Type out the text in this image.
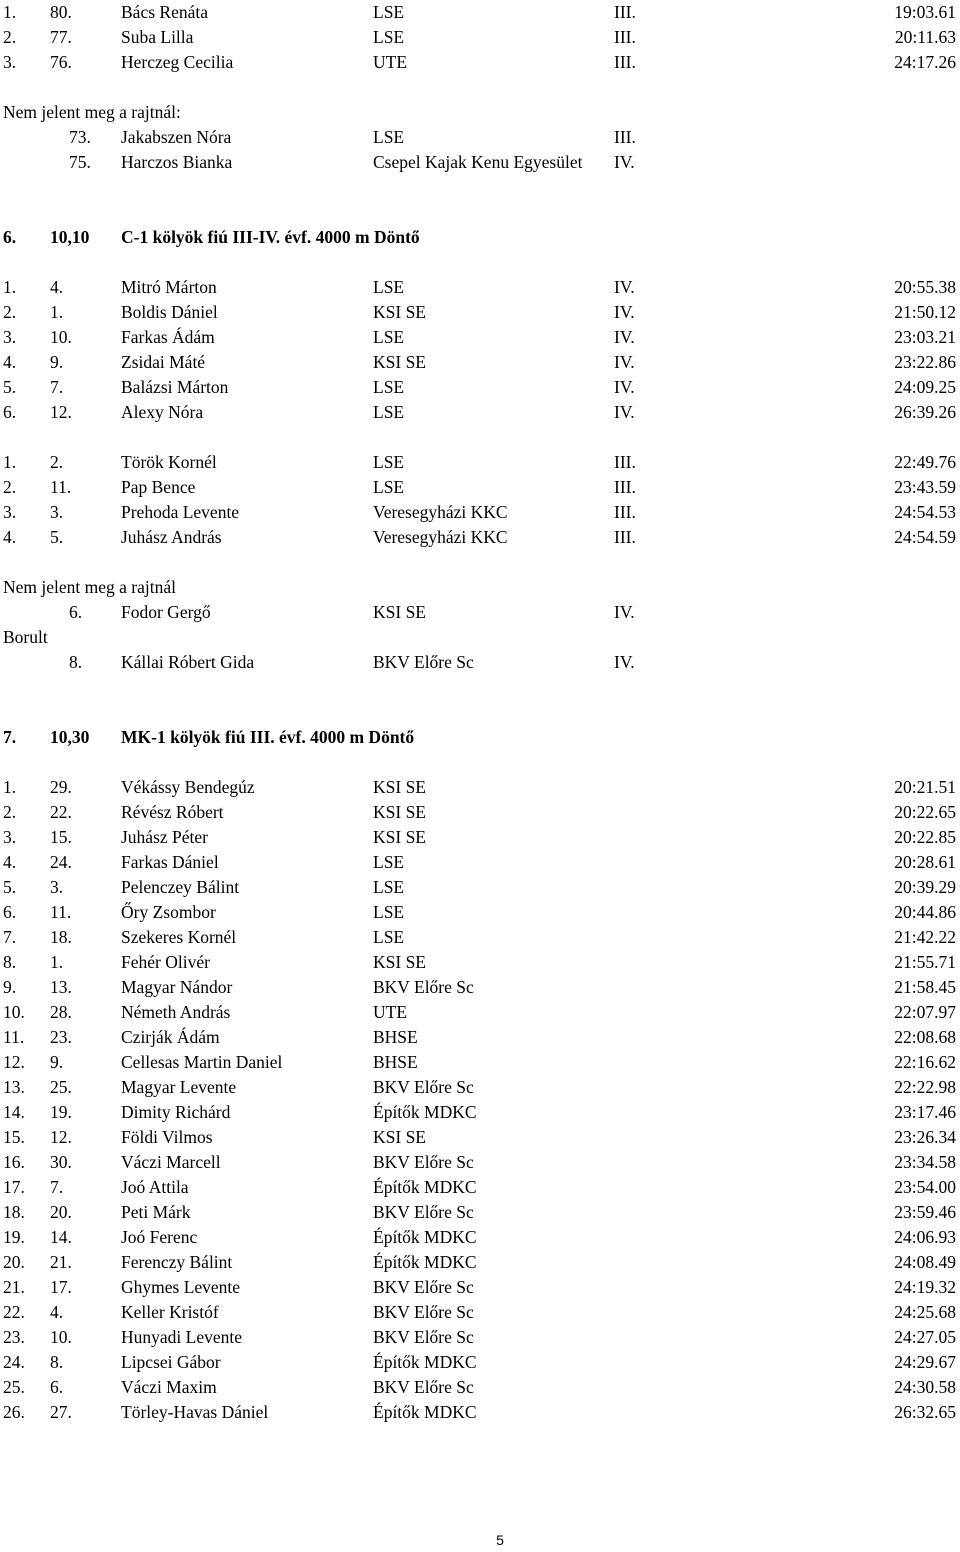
1. 80.	Bács Renáta	LSE	III.	19:03.61
2. 77.	Suba Lilla	LSE	III.	20:11.63
3. 76.	Herczeg Cecilia	UTE	III.	24:17.26
Nem jelent meg a rajtnál:
73. Jakabszen Nóra	LSE	III.
75. Harczos Bianka	Csepel Kajak Kenu Egyesület IV.
6. 10,10 C-1 kölyök fiú III-IV. évf. 4000 m Döntő
1. 4.	Mitró Márton	LSE	IV.	20:55.38
2. 1.	Boldis Dániel	KSI SE	IV.	21:50.12
3. 10.	Farkas Ádám	LSE	IV.	23:03.21
4. 9.	Zsidai Máté	KSI SE	IV.	23:22.86
5. 7.	Balázsi Márton	LSE	IV.	24:09.25
6. 12.	Alexy Nóra	LSE	IV.	26:39.26
1. 2.	Török Kornél	LSE	III.	22:49.76
2. 11.	Pap Bence	LSE	III.	23:43.59
3. 3.	Prehoda Levente	Veresegyházi KKC	III.	24:54.53
4. 5.	Juhász András	Veresegyházi KKC	III.	24:54.59
Nem jelent meg a rajtnál
6. Fodor Gergő	KSI SE	IV.
Borult
8. Kállai Róbert Gida	BKV Előre Sc	IV.
7. 10,30 MK-1 kölyök fiú III. évf. 4000 m Döntő
1. 29.	Vékássy Bendegúz	KSI SE	20:21.51
2. 22.	Révész Róbert	KSI SE	20:22.65
3. 15.	Juhász Péter	KSI SE	20:22.85
4. 24.	Farkas Dániel	LSE	20:28.61
5. 3.	Pelenczey Bálint	LSE	20:39.29
6. 11.	Őry Zsombor	LSE	20:44.86
7. 18.	Szekeres Kornél	LSE	21:42.22
8. 1.	Fehér Olivér	KSI SE	21:55.71
9. 13.	Magyar Nándor	BKV Előre Sc	21:58.45
10. 28.	Németh András	UTE	22:07.97
11. 23.	Czirják Ádám	BHSE	22:08.68
12. 9.	Cellesas Martin Daniel	BHSE	22:16.62
13. 25.	Magyar Levente	BKV Előre Sc	22:22.98
14. 19.	Dimity Richárd	Építők MDKC	23:17.46
15. 12.	Földi Vilmos	KSI SE	23:26.34
16. 30.	Váczi Marcell	BKV Előre Sc	23:34.58
17. 7.	Joó Attila	Építők MDKC	23:54.00
18. 20.	Peti Márk	BKV Előre Sc	23:59.46
19. 14.	Joó Ferenc	Építők MDKC	24:06.93
20. 21.	Ferenczy Bálint	Építők MDKC	24:08.49
21. 17.	Ghymes Levente	BKV Előre Sc	24:19.32
22. 4.	Keller Kristóf	BKV Előre Sc	24:25.68
23. 10.	Hunyadi Levente	BKV Előre Sc	24:27.05
24. 8.	Lipcsei Gábor	Építők MDKC	24:29.67
25. 6.	Váczi Maxim	BKV Előre Sc	24:30.58
26. 27.	Törley-Havas Dániel	Építők MDKC	26:32.65
5
